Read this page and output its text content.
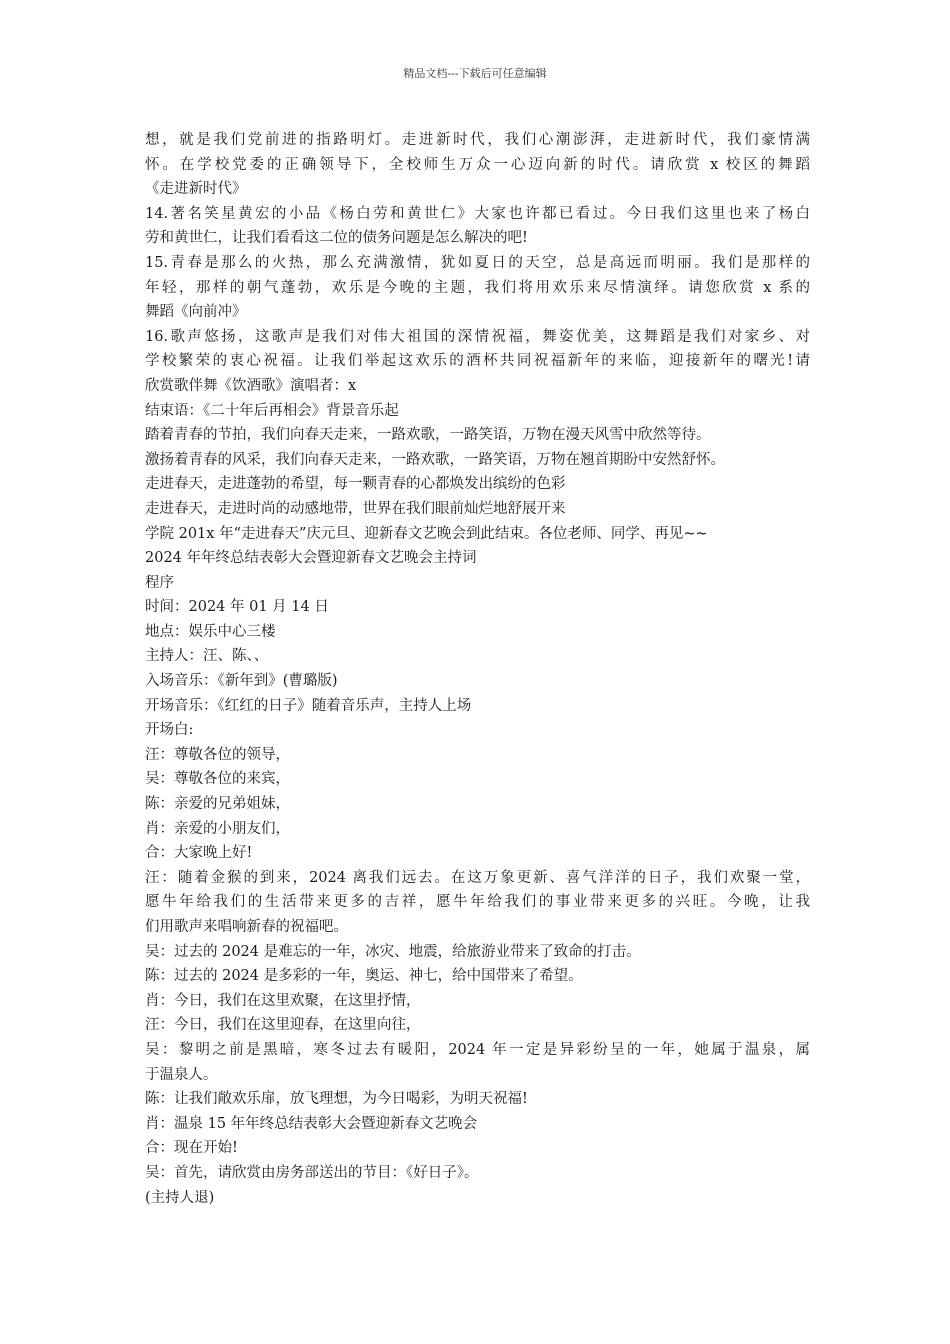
精品文档---下载后可任意编辑
想，就是我们党前进的指路明灯。走进新时代，我们心潮澎湃，走进新时代，我们豪情满
怀。在学校党委的正确领导下，全校师生万众一心迈向新的时代。请欣赏 x 校区的舞蹈
《走进新时代》
14.著名笑星黄宏的小品《杨白劳和黄世仁》大家也许都已看过。今日我们这里也来了杨白
劳和黄世仁，让我们看看这二位的债务问题是怎么解决的吧!
15.青春是那么的火热，那么充满激情，犹如夏日的天空，总是高远而明丽。我们是那样的
年轻，那样的朝气蓬勃，欢乐是今晚的主题，我们将用欢乐来尽情演绎。请您欣赏 x 系的
舞蹈《向前冲》
16.歌声悠扬，这歌声是我们对伟大祖国的深情祝福，舞姿优美，这舞蹈是我们对家乡、对
学校繁荣的衷心祝福。让我们举起这欢乐的酒杯共同祝福新年的来临，迎接新年的曙光!请
欣赏歌伴舞《饮酒歌》演唱者：x
结束语：《二十年后再相会》背景音乐起
踏着青春的节拍，我们向春天走来，一路欢歌，一路笑语，万物在漫天风雪中欣然等待。
激扬着青春的风采，我们向春天走来，一路欢歌，一路笑语，万物在翘首期盼中安然舒怀。
走进春天，走进蓬勃的希望，每一颗青春的心都焕发出缤纷的色彩
走进春天，走进时尚的动感地带，世界在我们眼前灿烂地舒展开来
学院 201x 年“走进春天”庆元旦、迎新春文艺晚会到此结束。各位老师、同学、再见~~
2024 年年终总结表彰大会暨迎新春文艺晚会主持词
程序
时间：2024 年 01 月 14 日
地点：娱乐中心三楼
主持人：汪、陈、、
入场音乐：《新年到》(曹璐版)
开场音乐：《红红的日子》随着音乐声，主持人上场
开场白:
汪：尊敬各位的领导，
吴：尊敬各位的来宾，
陈：亲爱的兄弟姐妹，
肖：亲爱的小朋友们，
合：大家晚上好!
汪：随着金猴的到来，2024 离我们远去。在这万象更新、喜气洋洋的日子，我们欢聚一堂，
愿牛年给我们的生活带来更多的吉祥，愿牛年给我们的事业带来更多的兴旺。今晚，让我
们用歌声来唱响新春的祝福吧。
吴：过去的 2024 是难忘的一年，冰灾、地震，给旅游业带来了致命的打击。
陈：过去的 2024 是多彩的一年，奥运、神七，给中国带来了希望。
肖：今日，我们在这里欢聚，在这里抒情，
汪：今日，我们在这里迎春，在这里向往，
吴：黎明之前是黑暗，寒冬过去有暖阳，2024 年一定是异彩纷呈的一年，她属于温泉，属
于温泉人。
陈：让我们敞欢乐扉，放飞理想，为今日喝彩，为明天祝福!
肖：温泉 15 年年终总结表彰大会暨迎新春文艺晚会
合：现在开始!
吴：首先，请欣赏由房务部送出的节目：《好日子》。
(主持人退)
